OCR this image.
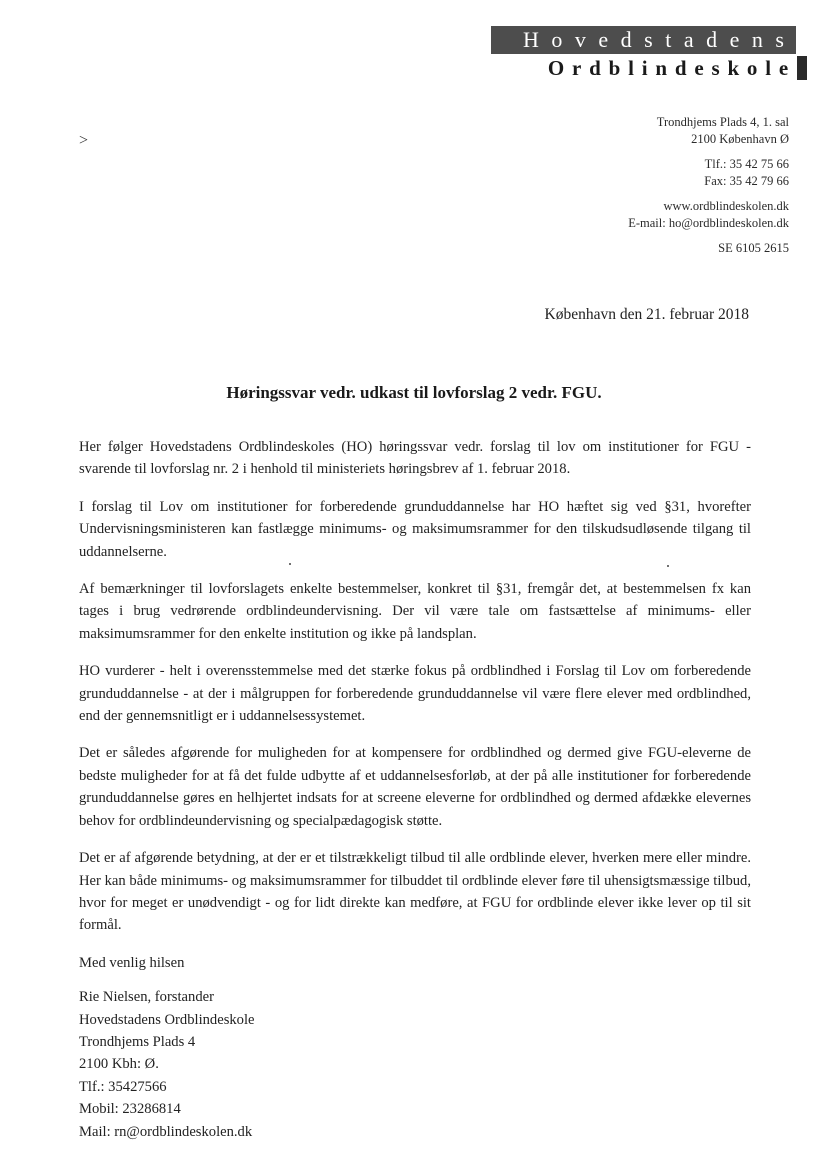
Hovedstadens
Ordblindeskole
>
Trondhjems Plads 4, 1. sal
2100 København Ø
Tlf.: 35 42 75 66
Fax: 35 42 79 66
www.ordblindeskolen.dk
E-mail: ho@ordblindeskolen.dk
SE 6105 2615
København den 21. februar 2018
Høringssvar vedr. udkast til lovforslag 2 vedr. FGU.

Her følger Hovedstadens Ordblindeskoles (HO) høringssvar vedr. forslag til lov om institutioner for FGU - svarende til lovforslag nr. 2 i henhold til ministeriets høringsbrev af 1. februar 2018.

I forslag til Lov om institutioner for forberedende grunduddannelse har HO hæftet sig ved §31, hvorefter Undervisningsministeren kan fastlægge minimums- og maksimumsrammer for den tilskudsudløsende tilgang til uddannelserne.

Af bemærkninger til lovforslagets enkelte bestemmelser, konkret til §31, fremgår det, at bestemmelsen fx kan tages i brug vedrørende ordblindeundervisning. Der vil være tale om fastsættelse af minimums- eller maksimumsrammer for den enkelte institution og ikke på landsplan.

HO vurderer - helt i overensstemmelse med det stærke fokus på ordblindhed i Forslag til Lov om forberedende grunduddannelse - at der i målgruppen for forberedende grunduddannelse vil være flere elever med ordblindhed, end der gennemsnitligt er i uddannelsessystemet.

Det er således afgørende for muligheden for at kompensere for ordblindhed og dermed give FGU-eleverne de bedste muligheder for at få det fulde udbytte af et uddannelsesforløb, at der på alle institutioner for forberedende grunduddannelse gøres en helhjertet indsats for at screene eleverne for ordblindhed og dermed afdække elevernes behov for ordblindeundervisning og specialpædagogisk støtte.

Det er af afgørende betydning, at der er et tilstrækkeligt tilbud til alle ordblinde elever, hverken mere eller mindre. Her kan både minimums- og maksimumsrammer for tilbuddet til ordblinde elever føre til uhensigtsmæssige tilbud, hvor for meget er unødvendigt - og for lidt direkte kan medføre, at FGU for ordblinde elever ikke lever op til sit formål.

Med venlig hilsen
Rie Nielsen, forstander
Hovedstadens Ordblindeskole
Trondhjems Plads 4
2100 Kbh: Ø.
Tlf.: 35427566
Mobil: 23286814
Mail: rn@ordblindeskolen.dk
